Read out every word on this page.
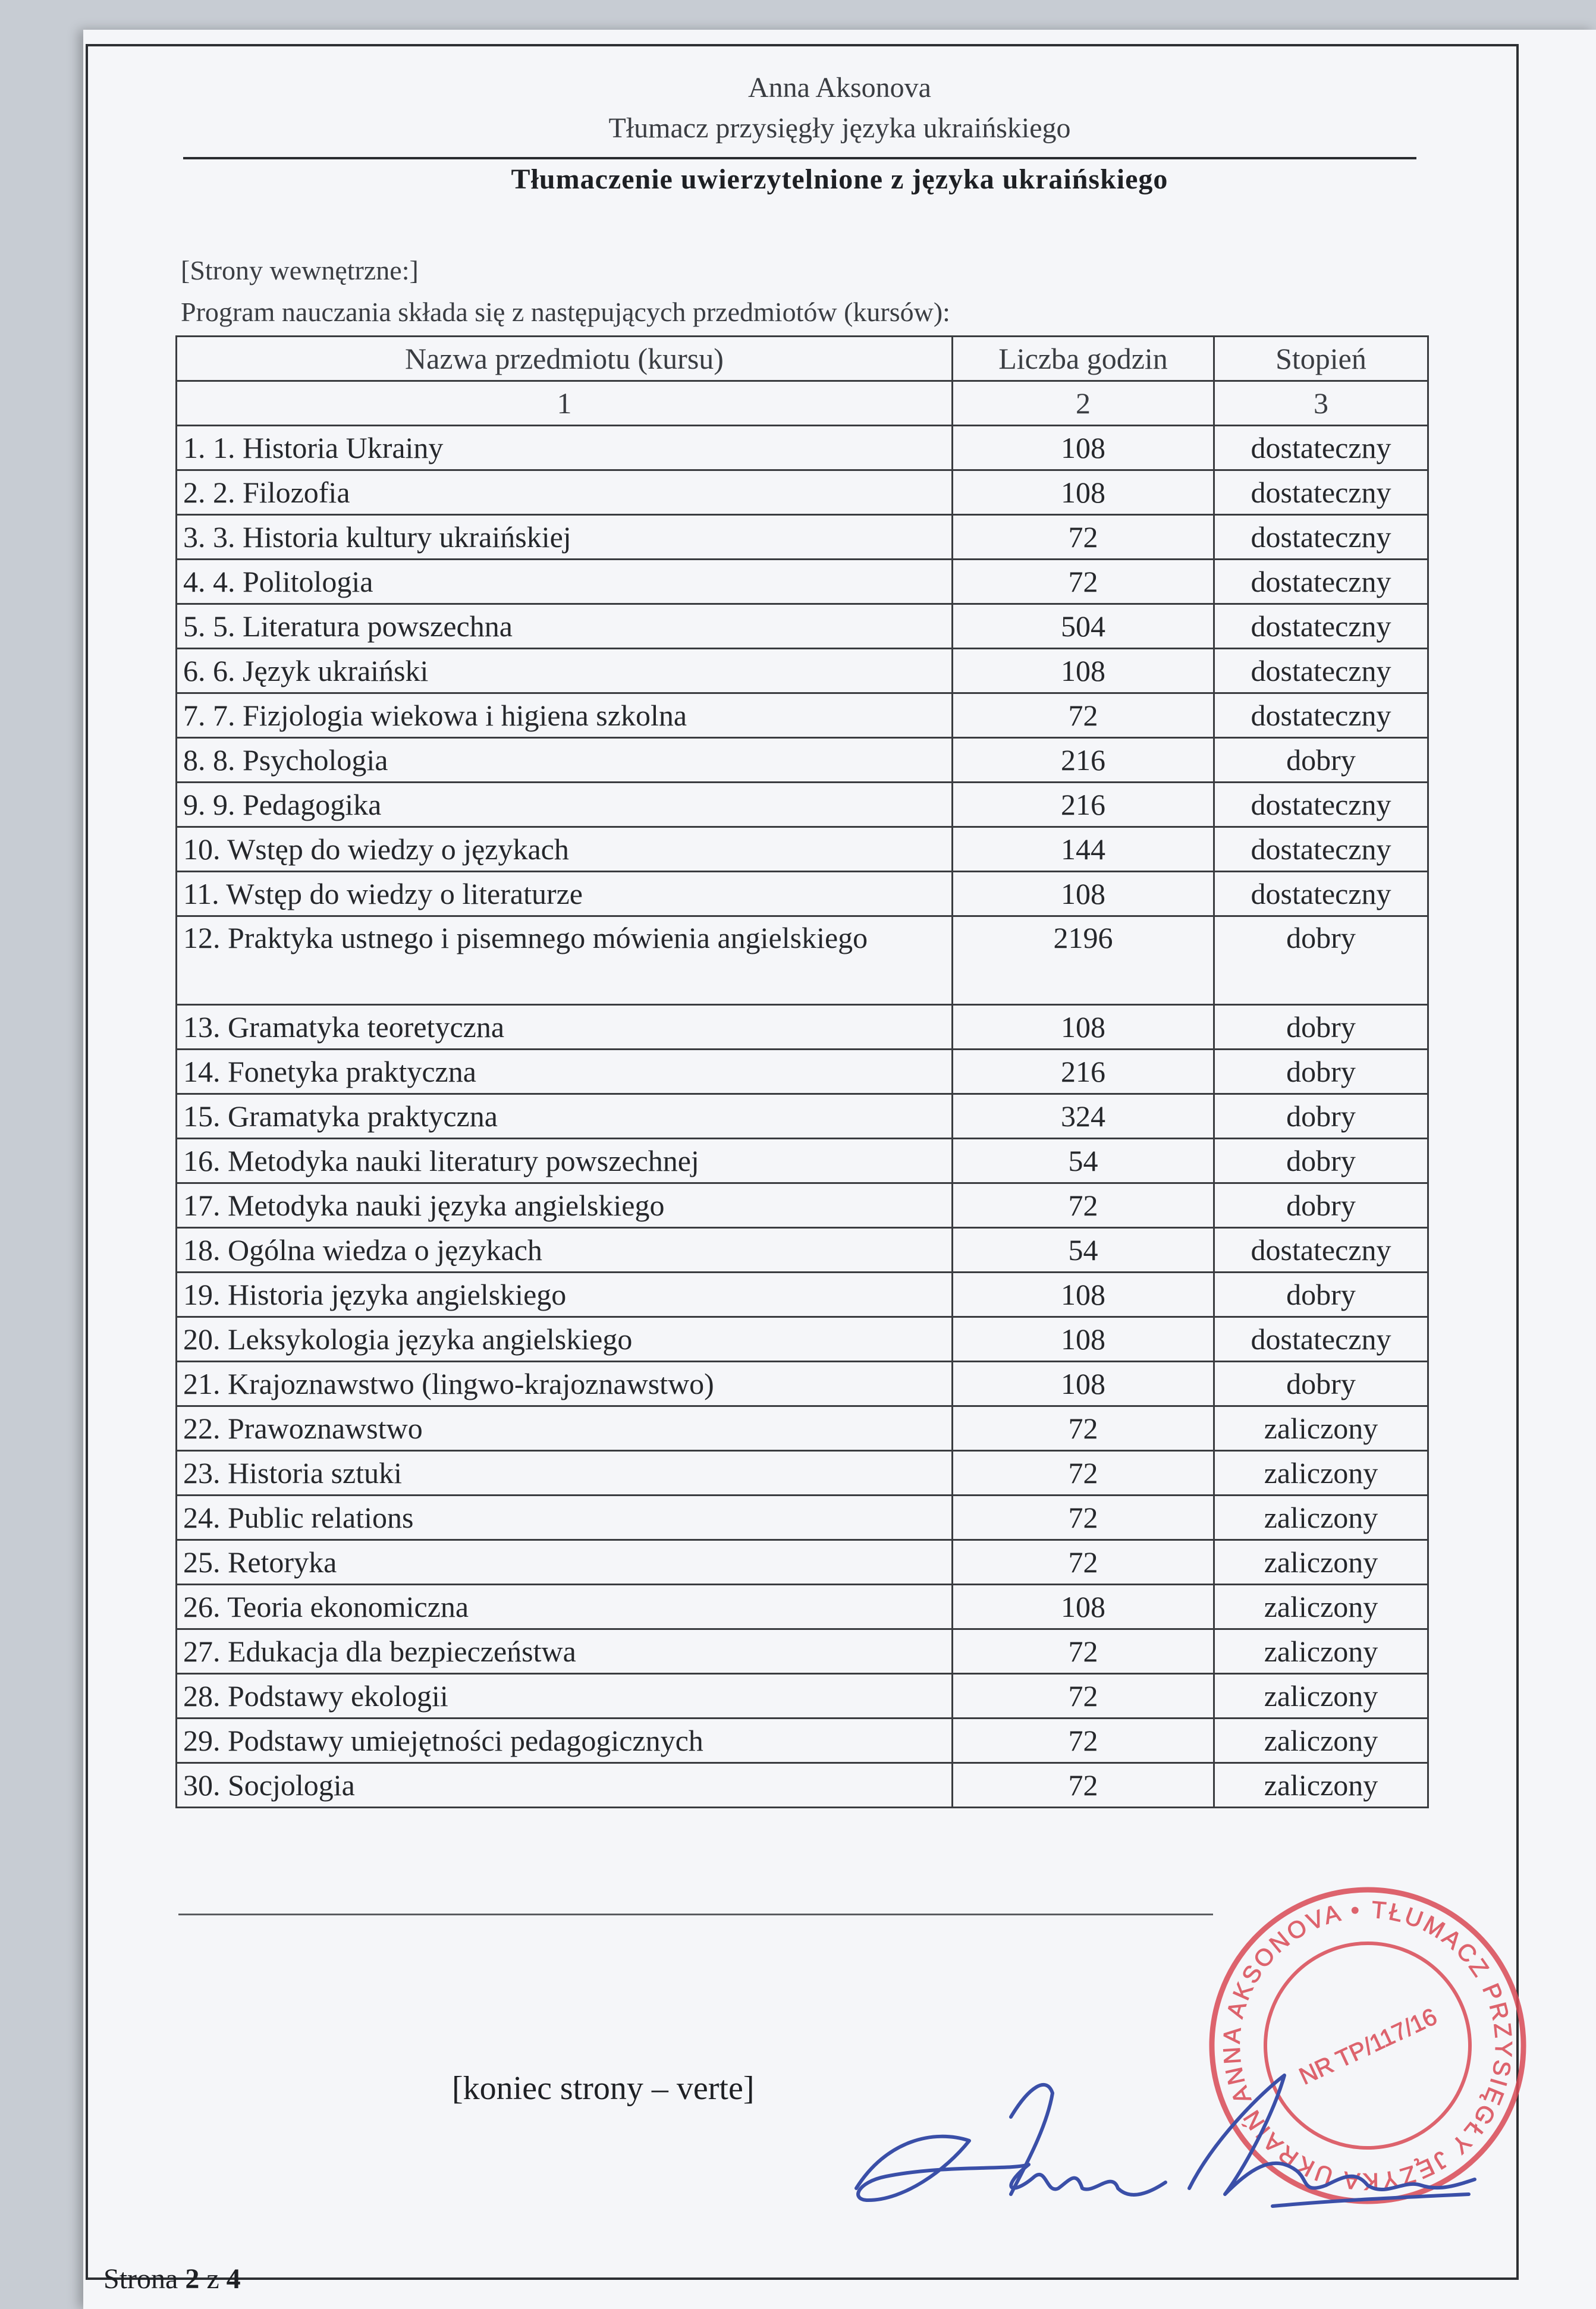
Anna Aksonova
Tłumacz przysięgły języka ukraińskiego
Tłumaczenie uwierzytelnione z języka ukraińskiego
[Strony wewnętrzne:]
Program nauczania składa się z następujących przedmiotów (kursów):
Nazwa przedmiotu (kursu)	Liczba godzin	Stopień
1	2	3
1. 1. Historia Ukrainy	108	dostateczny
2. 2. Filozofia	108	dostateczny
3. 3. Historia kultury ukraińskiej	72	dostateczny
4. 4. Politologia	72	dostateczny
5. 5. Literatura powszechna	504	dostateczny
6. 6. Język ukraiński	108	dostateczny
7. 7. Fizjologia wiekowa i higiena szkolna	72	dostateczny
8. 8. Psychologia	216	dobry
9. 9. Pedagogika	216	dostateczny
10. Wstęp do wiedzy o językach	144	dostateczny
11. Wstęp do wiedzy o literaturze	108	dostateczny
12. Praktyka ustnego i pisemnego mówienia angielskiego	2196	dobry
13. Gramatyka teoretyczna	108	dobry
14. Fonetyka praktyczna	216	dobry
15. Gramatyka praktyczna	324	dobry
16. Metodyka nauki literatury powszechnej	54	dobry
17. Metodyka nauki języka angielskiego	72	dobry
18. Ogólna wiedza o językach	54	dostateczny
19. Historia języka angielskiego	108	dobry
20. Leksykologia języka angielskiego	108	dostateczny
21. Krajoznawstwo (lingwo-krajoznawstwo)	108	dobry
22. Prawoznawstwo	72	zaliczony
23. Historia sztuki	72	zaliczony
24. Public relations	72	zaliczony
25. Retoryka	72	zaliczony
26. Teoria ekonomiczna	108	zaliczony
27. Edukacja dla bezpieczeństwa	72	zaliczony
28. Podstawy ekologii	72	zaliczony
29. Podstawy umiejętności pedagogicznych	72	zaliczony
30. Socjologia	72	zaliczony
[koniec strony – verte]
Strona 2 z 4
ANNA AKSONOVA • TŁUMACZ PRZYSIĘGŁY JĘZYKA UKRAIŃSKIEGO
NR TP/117/16
